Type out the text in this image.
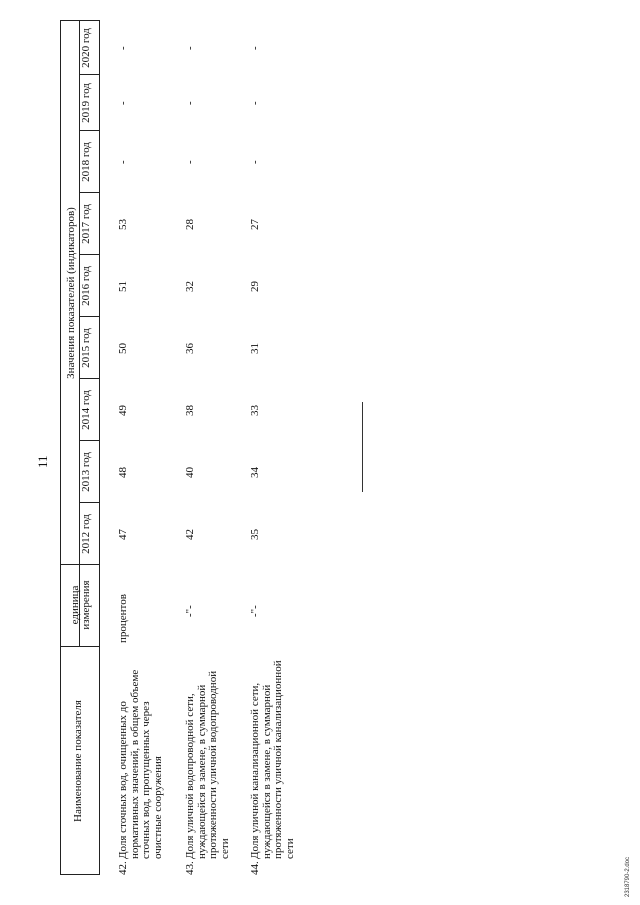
11
Наименование показателя
единица измерения
Значения показателей (индикаторов)
2012 год
2013 год
2014 год
2015 год
2016 год
2017 год
2018 год
2019 год
2020 год
42.
Доля сточных вод, очищенных до нормативных значений, в общем объеме сточных вод, пропущенных через очистные сооружения
процентов
47
48
49
50
51
53
-
-
-
43.
Доля уличной водопроводной сети, нуждающейся в замене, в суммарной протяженности уличной водопроводной сети
-"-
42
40
38
36
32
28
-
-
-
44.
Доля уличной канализационной сети, нуждающейся в замене, в суммарной протяженности уличной канализационной сети
-"-
35
34
33
31
29
27
-
-
-
2318790-2.doc
